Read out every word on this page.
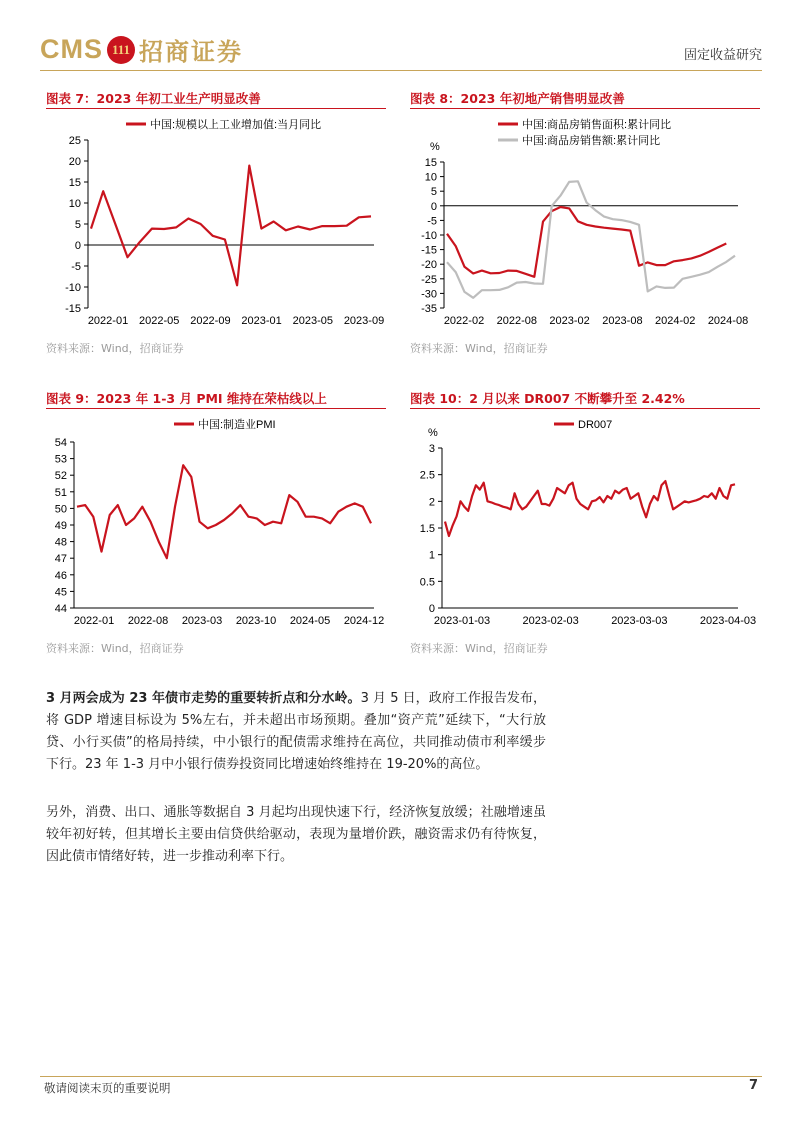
CMS 111 招商证券	固定收益研究
图表 7：2023 年初工业生产明显改善	图表 8：2023 年初地产销售明显改善
图表 9：2023 年 1-3 月 PMI 维持在荣枯线以上	图表 10：2 月以来 DR007 不断攀升至 2.42%
25
20
15
10
5
0
-5
-10
-15
2022-01 2022-05 2022-09 2023-01 2023-05 2023-09
中国:规模以上工业增加值:当月同比
15
10
5
0
-5
-10
-15
-20
-25
-30
-35
%
2022-02 2022-08 2023-02 2023-08 2024-02 2024-08
中国:商品房销售面积:累计同比
中国:商品房销售额:累计同比
54
53
52
51
50
49
48
47
46
45
44
2022-01 2022-08 2023-03 2023-10 2024-05 2024-12
中国:制造业PMI
3
2.5
2
1.5
1
0.5
0
%
2023-01-03	2023-02-03	2023-03-03	2023-04-03
DR007
资料来源：Wind，招商证券	资料来源：Wind，招商证券
资料来源：Wind，招商证券	资料来源：Wind，招商证券
3 月两会成为 23 年债市走势的重要转折点和分水岭。3 月 5 日，政府工作报告发布，将 GDP 增速目标设为 5%左右，并未超出市场预期。叠加“资产荒”延续下，“大行放贷、小行买债”的格局持续，中小银行的配债需求维持在高位，共同推动债市利率缓步下行。23 年 1-3 月中小银行债券投资同比增速始终维持在 19-20%的高位。
另外，消费、出口、通胀等数据自 3 月起均出现快速下行，经济恢复放缓；社融增速虽较年初好转，但其增长主要由信贷供给驱动，表现为量增价跌，融资需求仍有待恢复，因此债市情绪好转，进一步推动利率下行。
敬请阅读末页的重要说明	7
